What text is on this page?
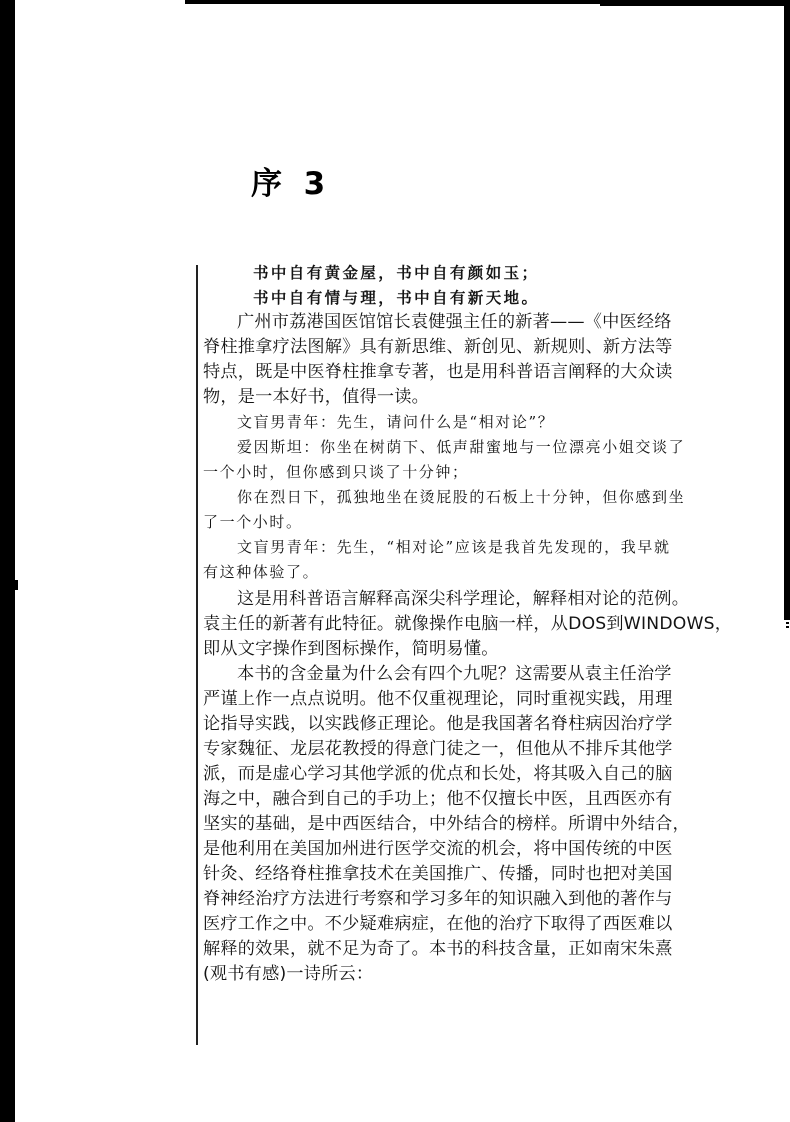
序  3
书中自有黄金屋，书中自有颜如玉；
书中自有情与理，书中自有新天地。
广州市荔港国医馆馆长袁健强主任的新著——《中医经络
脊柱推拿疗法图解》具有新思维、新创见、新规则、新方法等
特点，既是中医脊柱推拿专著，也是用科普语言阐释的大众读
物，是一本好书，值得一读。
文盲男青年：先生，请问什么是“相对论”？
爱因斯坦：你坐在树荫下、低声甜蜜地与一位漂亮小姐交谈了
一个小时，但你感到只谈了十分钟；
你在烈日下，孤独地坐在烫屁股的石板上十分钟，但你感到坐
了一个小时。
文盲男青年：先生，“相对论”应该是我首先发现的，我早就
有这种体验了。
这是用科普语言解释高深尖科学理论，解释相对论的范例。
袁主任的新著有此特征。就像操作电脑一样，从DOS到WINDOWS，
即从文字操作到图标操作，简明易懂。
本书的含金量为什么会有四个九呢？这需要从袁主任治学
严谨上作一点点说明。他不仅重视理论，同时重视实践，用理
论指导实践，以实践修正理论。他是我国著名脊柱病因治疗学
专家魏征、龙层花教授的得意门徒之一，但他从不排斥其他学
派，而是虚心学习其他学派的优点和长处，将其吸入自己的脑
海之中，融合到自己的手功上；他不仅擅长中医，且西医亦有
坚实的基础，是中西医结合，中外结合的榜样。所谓中外结合，
是他利用在美国加州进行医学交流的机会，将中国传统的中医
针灸、经络脊柱推拿技术在美国推广、传播，同时也把对美国
脊神经治疗方法进行考察和学习多年的知识融入到他的著作与
医疗工作之中。不少疑难病症，在他的治疗下取得了西医难以
解释的效果，就不足为奇了。本书的科技含量，正如南宋朱熹
(观书有感)一诗所云：
